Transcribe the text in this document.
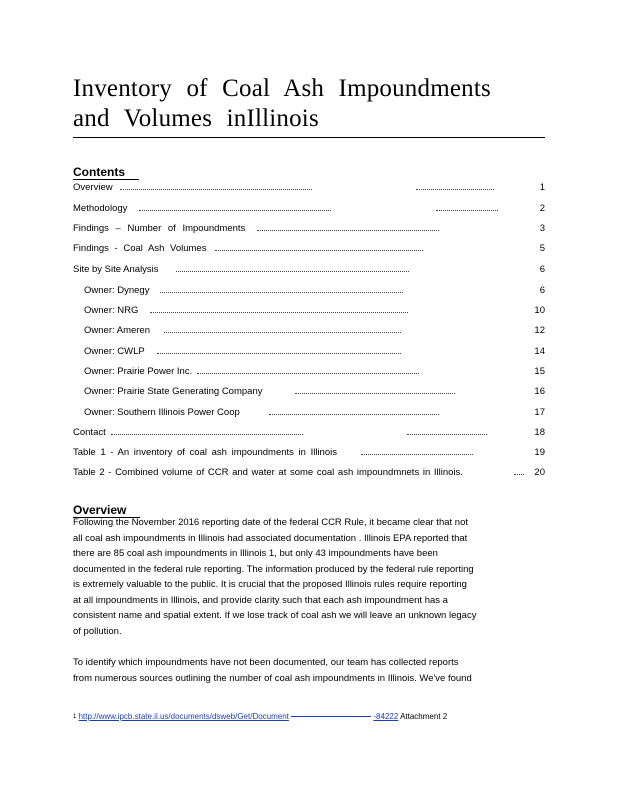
Inventory of Coal Ash Impoundments
and Volumes inIllinois
Contents
Overview	1
Methodology	2
Findings – Number of Impoundments	3
Findings - Coal Ash Volumes	5
Site by Site Analysis	6
Owner: Dynegy	6
Owner: NRG	10
Owner: Ameren	12
Owner: CWLP	14
Owner: Prairie Power Inc.	15
Owner: Prairie State Generating Company	16
Owner: Southern Illinois Power Coop	17
Contact	18
Table 1 - An inventory of coal ash impoundments in Illinois	19
Table 2 - Combined volume of CCR and water at some coal ash impoundmnets in Illinois.	20
Overview
Following the November 2016 reporting date of the federal CCR Rule, it became clear that not
all coal ash impoundments in Illinois had associated documentation . Illinois EPA reported that
there are 85 coal ash impoundments in Illinois 1, but only 43 impoundments have been
documented in the federal rule reporting. The information produced by the federal rule reporting
is extremely valuable to the public. It is crucial that the proposed Illinois rules require reporting
at all impoundments in Illinois, and provide clarity such that each ash impoundment has a
consistent name and spatial extent. If we lose track of coal ash we will leave an unknown legacy
of pollution.
To identify which impoundments have not been documented, our team has collected reports
from numerous sources outlining the number of coal ash impoundments in Illinois. We've found
$^1$ http://www.ipcb.state.il.us/documents/dsweb/Get/Document	-84222 Attachment 2
